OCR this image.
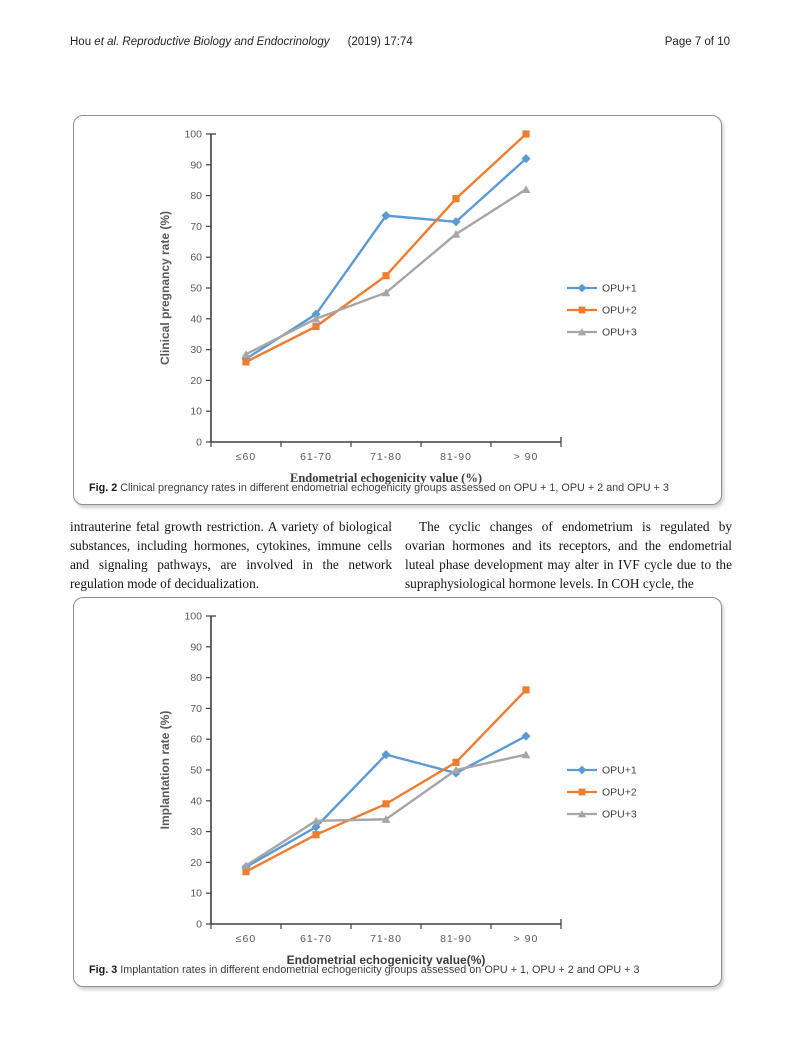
Hou et al. Reproductive Biology and Endocrinology (2019) 17:74	Page 7 of 10
0
10
20
30
40
50
60
70
80
90
100
Clinical pregnancy rate (%)
≤60	61-70	71-80	81-90	> 90
Endometrial echogenicity value (%)
OPU+1
OPU+2
OPU+3
Fig. 2 Clinical pregnancy rates in different endometrial echogenicity groups assessed on OPU + 1, OPU + 2 and OPU + 3
intrauterine fetal growth restriction. A variety of biological substances, including hormones, cytokines, immune cells and signaling pathways, are involved in the network regulation mode of decidualization.
The cyclic changes of endometrium is regulated by ovarian hormones and its receptors, and the endometrial luteal phase development may alter in IVF cycle due to the supraphysiological hormone levels. In COH cycle, the
0
10
20
30
40
50
60
70
80
90
100
Implantation rate (%)
≤60	61-70	71-80	81-90	> 90
Endometrial echogenicity value(%)
OPU+1
OPU+2
OPU+3
Fig. 3 Implantation rates in different endometrial echogenicity groups assessed on OPU + 1, OPU + 2 and OPU + 3
